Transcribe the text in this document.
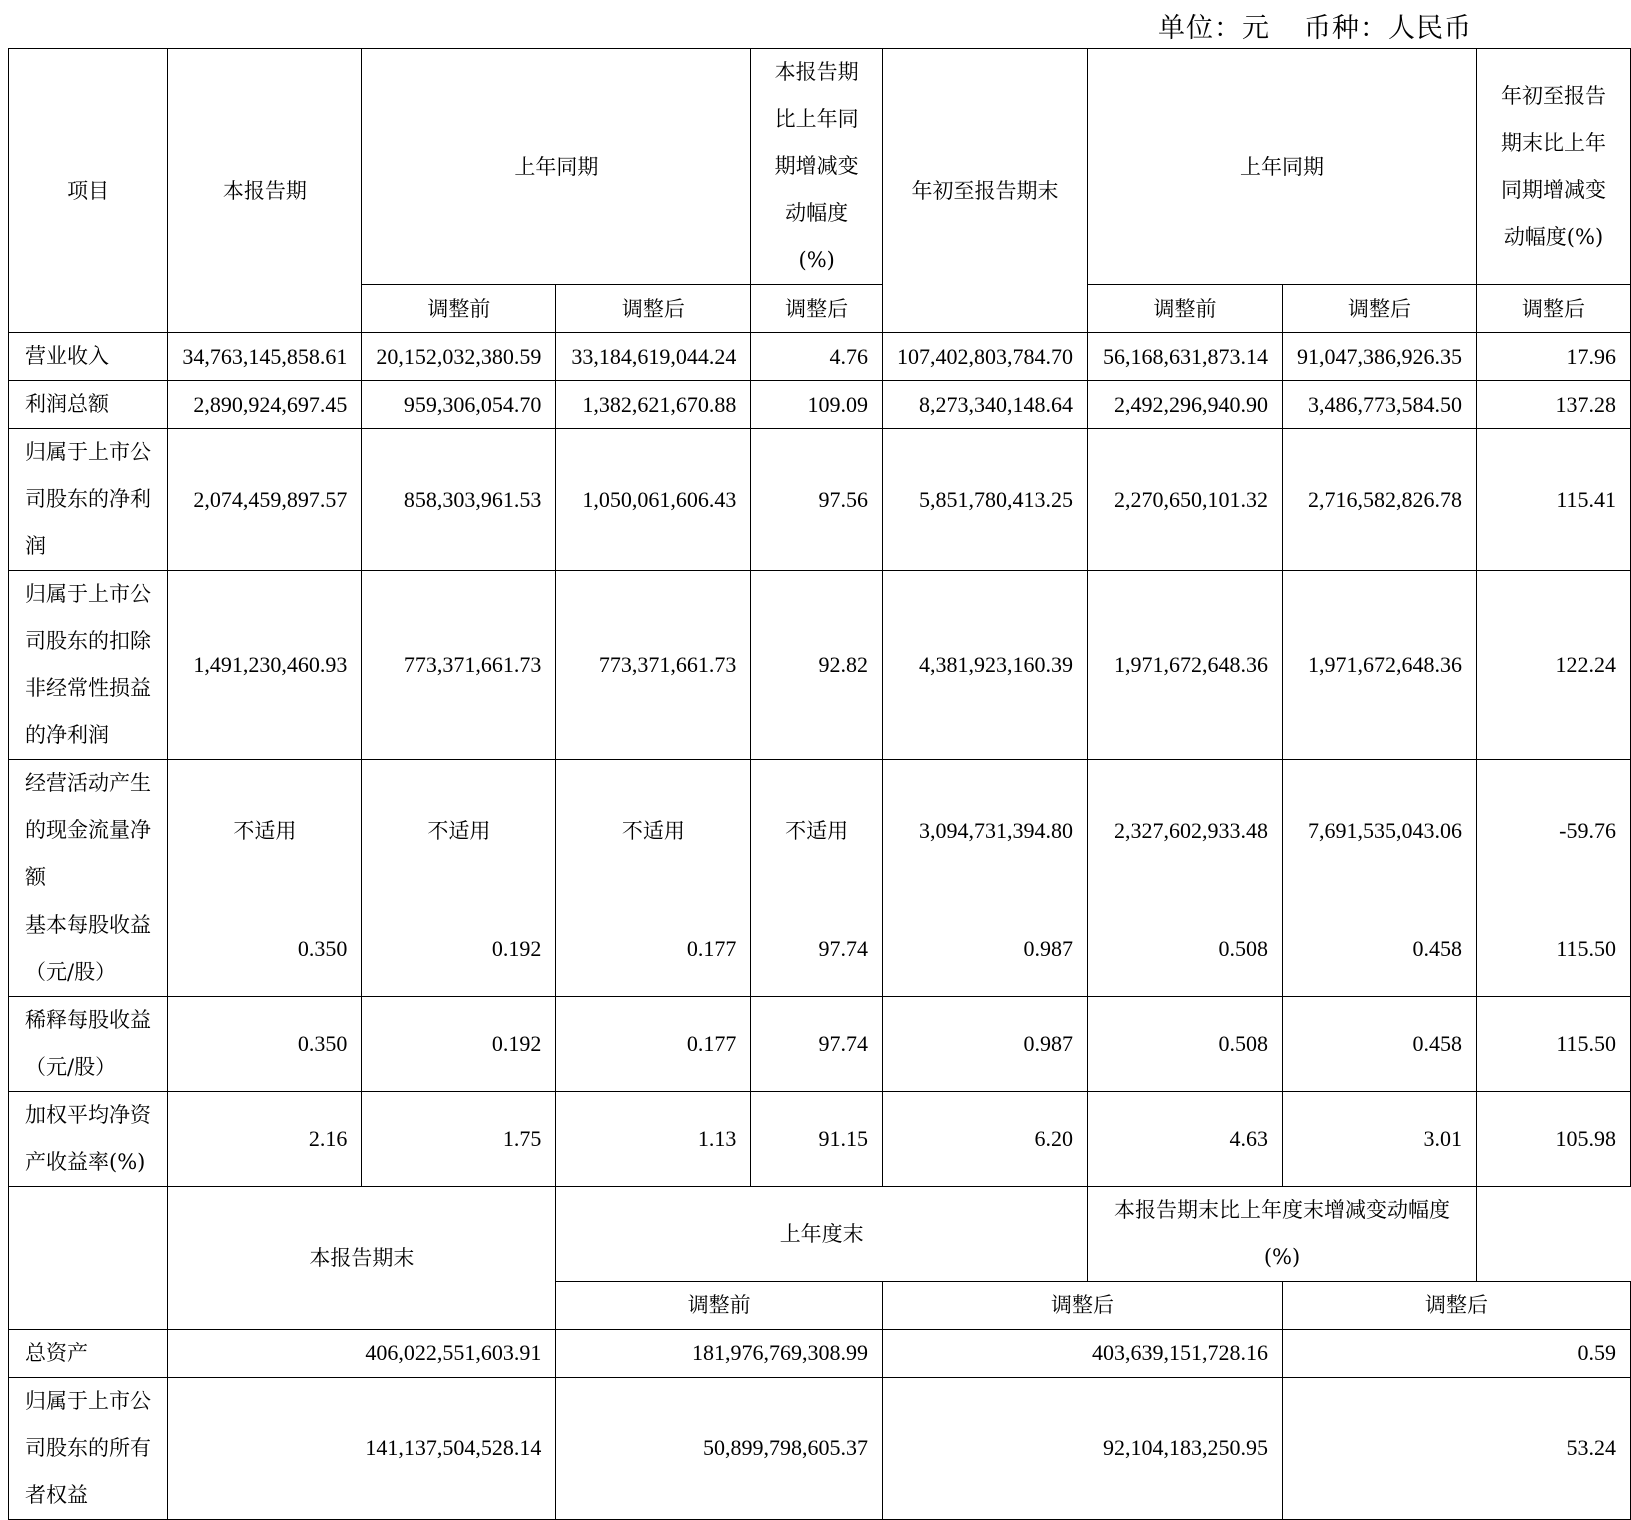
单位：元 币种：人民币
项目	本报告期	上年同期		本报告期比上年同期增减变动幅度(%)	年初至报告期末	上年同期		年初至报告期末比上年同期增减变动幅度(%)
		调整前	调整后	调整后		调整前	调整后	调整后
营业收入	34,763,145,858.61	20,152,032,380.59	33,184,619,044.24	4.76	107,402,803,784.70	56,168,631,873.14	91,047,386,926.35	17.96
利润总额	2,890,924,697.45	959,306,054.70	1,382,621,670.88	109.09	8,273,340,148.64	2,492,296,940.90	3,486,773,584.50	137.28
归属于上市公司股东的净利润	2,074,459,897.57	858,303,961.53	1,050,061,606.43	97.56	5,851,780,413.25	2,270,650,101.32	2,716,582,826.78	115.41
归属于上市公司股东的扣除非经常性损益的净利润	1,491,230,460.93	773,371,661.73	773,371,661.73	92.82	4,381,923,160.39	1,971,672,648.36	1,971,672,648.36	122.24
经营活动产生的现金流量净额	不适用	不适用	不适用	不适用	3,094,731,394.80	2,327,602,933.48	7,691,535,043.06	-59.76
基本每股收益（元/股）	0.350	0.192	0.177	97.74	0.987	0.508	0.458	115.50
稀释每股收益（元/股）	0.350	0.192	0.177	97.74	0.987	0.508	0.458	115.50
加权平均净资产收益率(%)	2.16	1.75	1.13	91.15	6.20	4.63	3.01	105.98
	本报告期末		上年度末			本报告期末比上年度末增减变动幅度(%)		
			调整前		调整后		调整后	
总资产	406,022,551,603.91		181,976,769,308.99		403,639,151,728.16		0.59	
归属于上市公司股东的所有者权益	141,137,504,528.14		50,899,798,605.37		92,104,183,250.95		53.24	
